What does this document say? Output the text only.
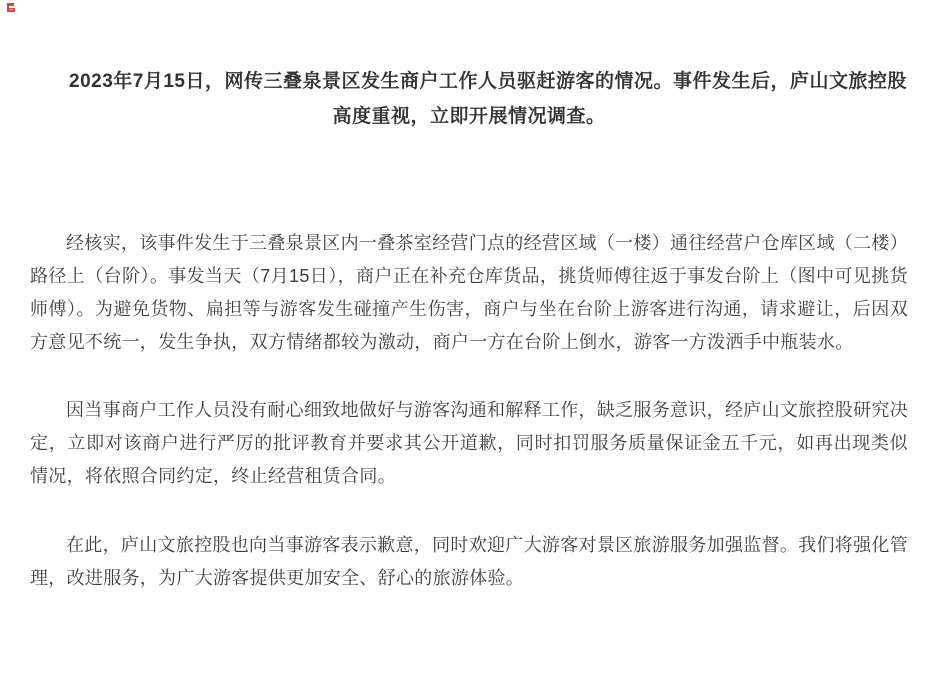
2023年7月15日，网传三叠泉景区发生商户工作人员驱赶游客的情况。事件发生后，庐山文旅控股高度重视，立即开展情况调查。

经核实，该事件发生于三叠泉景区内一叠茶室经营门点的经营区域（一楼）通往经营户仓库区域（二楼）路径上（台阶）。事发当天（7月15日），商户正在补充仓库货品，挑货师傅往返于事发台阶上（图中可见挑货师傅）。为避免货物、扁担等与游客发生碰撞产生伤害，商户与坐在台阶上游客进行沟通，请求避让，后因双方意见不统一，发生争执，双方情绪都较为激动，商户一方在台阶上倒水，游客一方泼洒手中瓶装水。

因当事商户工作人员没有耐心细致地做好与游客沟通和解释工作，缺乏服务意识，经庐山文旅控股研究决定，立即对该商户进行严厉的批评教育并要求其公开道歉，同时扣罚服务质量保证金五千元，如再出现类似情况，将依照合同约定，终止经营租赁合同。

在此，庐山文旅控股也向当事游客表示歉意，同时欢迎广大游客对景区旅游服务加强监督。我们将强化管理，改进服务，为广大游客提供更加安全、舒心的旅游体验。
